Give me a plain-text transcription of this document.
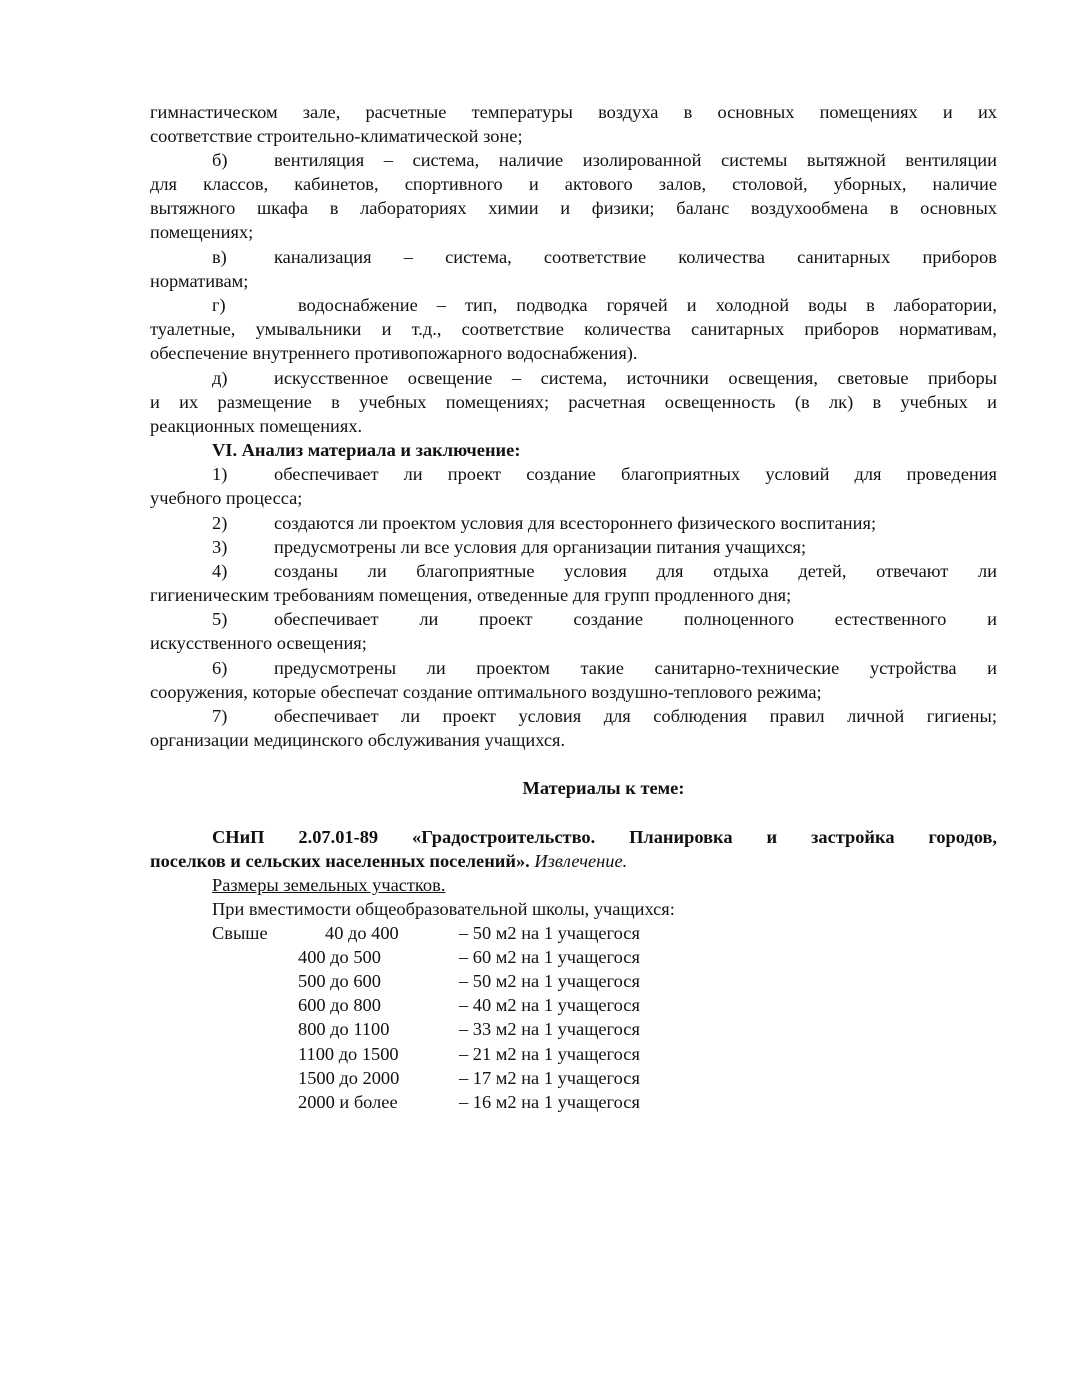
гимнастическом зале, расчетные температуры воздуха в основных помещениях и их
соответствие строительно-климатической зоне;
б)	вентиляция – система, наличие изолированной системы вытяжной вентиляции
для классов, кабинетов, спортивного и актового залов, столовой, уборных, наличие
вытяжного шкафа в лабораториях химии и физики; баланс воздухообмена в основных
помещениях;
в)	канализация – система, соответствие количества санитарных приборов
нормативам;
г)	водоснабжение – тип, подводка горячей и холодной воды в лаборатории,
туалетные, умывальники и т.д., соответствие количества санитарных приборов нормативам,
обеспечение внутреннего противопожарного водоснабжения).
д)	искусственное освещение – система, источники освещения, световые приборы
и их размещение в учебных помещениях; расчетная освещенность (в лк) в учебных и
реакционных помещениях.
VI. Анализ материала и заключение:
1)	обеспечивает ли проект создание благоприятных условий для проведения
учебного процесса;
2)	создаются ли проектом условия для всестороннего физического воспитания;
3)	предусмотрены ли все условия для организации питания учащихся;
4)	созданы ли благоприятные условия для отдыха детей, отвечают ли
гигиеническим требованиям помещения, отведенные для групп продленного дня;
5)	обеспечивает ли проект создание полноценного естественного и
искусственного освещения;
6)	предусмотрены ли проектом такие санитарно-технические устройства и
сооружения, которые обеспечат создание оптимального воздушно-теплового режима;
7)	обеспечивает ли проект условия для соблюдения правил личной гигиены;
организации медицинского обслуживания учащихся.
Материалы к теме:
СНиП 2.07.01-89 «Градостроительство. Планировка и застройка городов,
поселков и сельских населенных поселений». Извлечение.
Размеры земельных участков.
При вместимости общеобразовательной школы, учащихся:
Свыше	40 до 400	– 50 м2 на 1 учащегося
400 до 500	– 60 м2 на 1 учащегося
500 до 600	– 50 м2 на 1 учащегося
600 до 800	– 40 м2 на 1 учащегося
800 до 1100	– 33 м2 на 1 учащегося
1100 до 1500	– 21 м2 на 1 учащегося
1500 до 2000	– 17 м2 на 1 учащегося
2000 и более	– 16 м2 на 1 учащегося
